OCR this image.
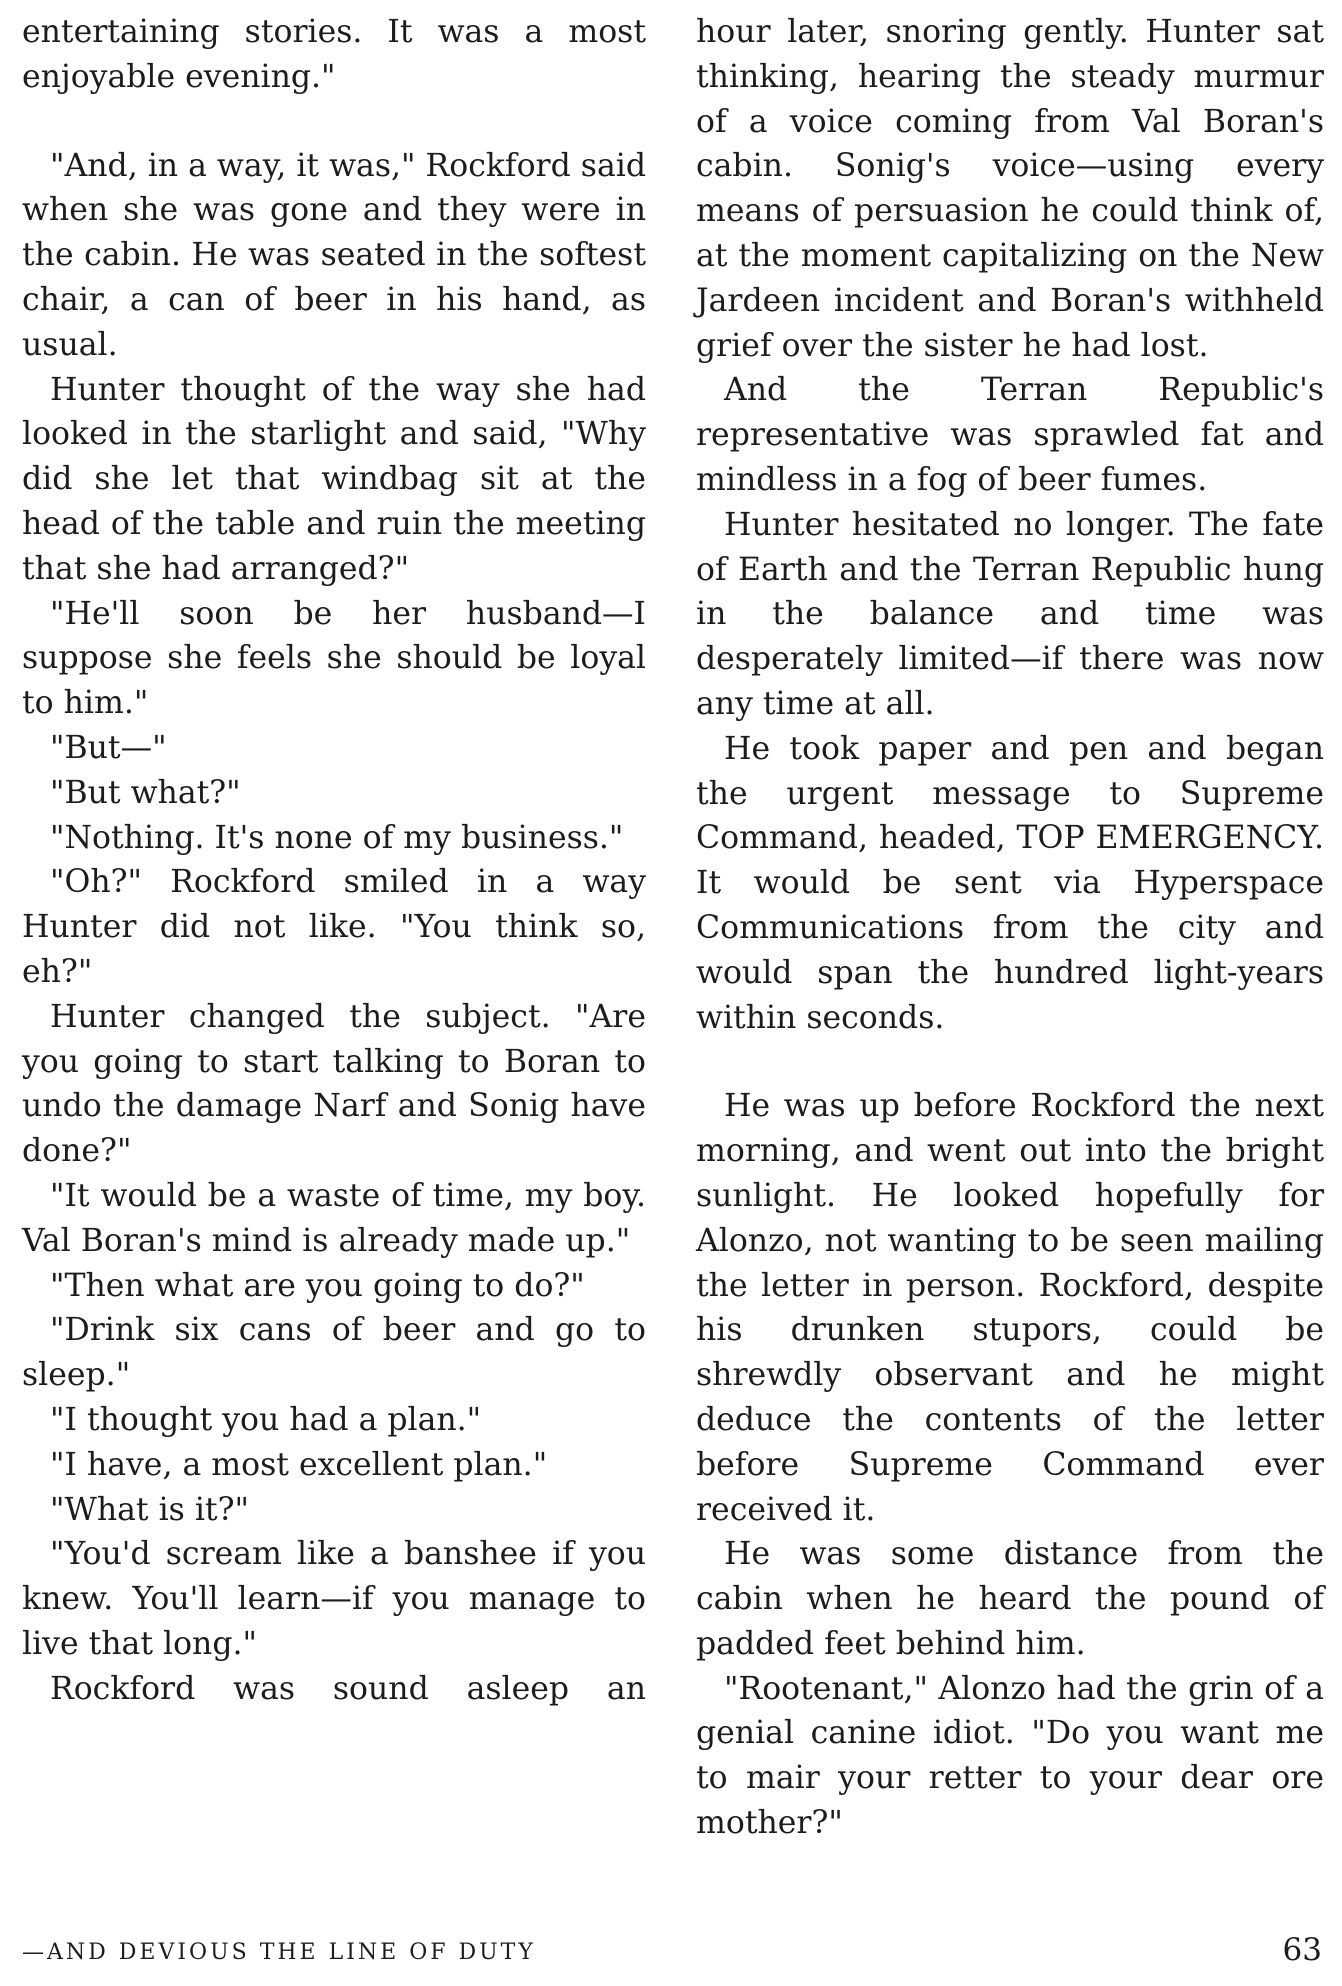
entertaining stories. It was a most enjoyable evening."

"And, in a way, it was," Rockford said when she was gone and they were in the cabin. He was seated in the softest chair, a can of beer in his hand, as usual.

Hunter thought of the way she had looked in the starlight and said, "Why did she let that windbag sit at the head of the table and ruin the meeting that she had arranged?"

"He'll soon be her husband—I suppose she feels she should be loyal to him."

"But—"

"But what?"

"Nothing. It's none of my business."

"Oh?" Rockford smiled in a way Hunter did not like. "You think so, eh?"

Hunter changed the subject. "Are you going to start talking to Boran to undo the damage Narf and Sonig have done?"

"It would be a waste of time, my boy. Val Boran's mind is already made up."

"Then what are you going to do?"

"Drink six cans of beer and go to sleep."

"I thought you had a plan."

"I have, a most excellent plan."

"What is it?"

"You'd scream like a banshee if you knew. You'll learn—if you manage to live that long."

Rockford was sound asleep an

hour later, snoring gently. Hunter sat thinking, hearing the steady murmur of a voice coming from Val Boran's cabin. Sonig's voice—using every means of persuasion he could think of, at the moment capitalizing on the New Jardeen incident and Boran's withheld grief over the sister he had lost.

And the Terran Republic's representative was sprawled fat and mindless in a fog of beer fumes.

Hunter hesitated no longer. The fate of Earth and the Terran Republic hung in the balance and time was desperately limited—if there was now any time at all.

He took paper and pen and began the urgent message to Supreme Command, headed, TOP EMERGENCY. It would be sent via Hyperspace Communications from the city and would span the hundred light-years within seconds.

He was up before Rockford the next morning, and went out into the bright sunlight. He looked hopefully for Alonzo, not wanting to be seen mailing the letter in person. Rockford, despite his drunken stupors, could be shrewdly observant and he might deduce the contents of the letter before Supreme Command ever received it.

He was some distance from the cabin when he heard the pound of padded feet behind him.

"Rootenant," Alonzo had the grin of a genial canine idiot. "Do you want me to mair your retter to your dear ore mother?"

—AND DEVIOUS THE LINE OF DUTY	63
